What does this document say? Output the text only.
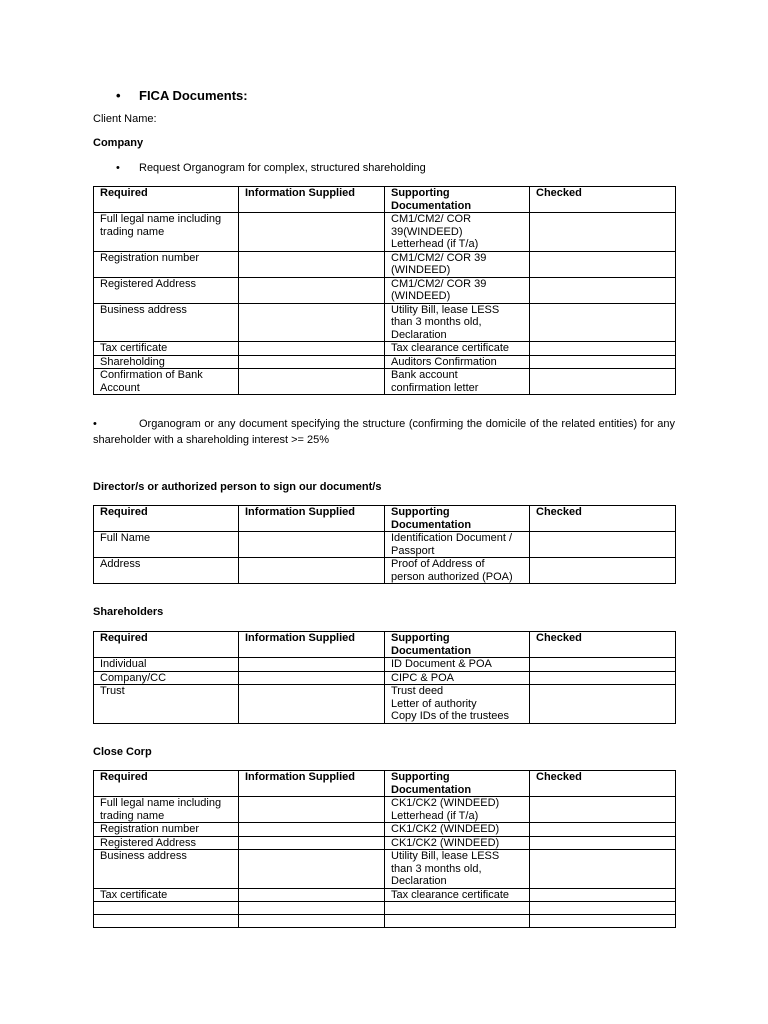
• FICA Documents:
Client Name:
Company
• Request Organogram for complex, structured shareholding
Required	Information Supplied	Supporting Documentation	Checked

Full legal name including
trading name		CM1/CM2/ COR
39(WINDEED)
Letterhead (if T/a)	

Registration number		CM1/CM2/ COR 39
(WINDEED)	

Registered Address		CM1/CM2/ COR 39
(WINDEED)	

Business address		Utility Bill, lease LESS
than 3 months old,
Declaration	

Tax certificate		Tax clearance certificate	

Shareholding		Auditors Confirmation	

Confirmation of Bank
Account		Bank account
confirmation letter	

•	Organogram or any document specifying the structure (confirming the domicile of the related entities) for any shareholder with a shareholding interest >= 25%
Director/s or authorized person to sign our document/s
Required	Information Supplied	Supporting Documentation	Checked

Full Name		Identification Document /
Passport	

Address		Proof of Address of
person authorized (POA)	

Shareholders
Required	Information Supplied	Supporting Documentation	Checked

Individual		ID Document & POA	

Company/CC		CIPC & POA	

Trust		Trust deed
Letter of authority
Copy IDs of the trustees	

Close Corp
Required	Information Supplied	Supporting Documentation	Checked

Full legal name including
trading name		CK1/CK2 (WINDEED)
Letterhead (if T/a)	

Registration number		CK1/CK2 (WINDEED)	

Registered Address		CK1/CK2 (WINDEED)	

Business address		Utility Bill, lease LESS
than 3 months old,
Declaration	

Tax certificate		Tax clearance certificate	
